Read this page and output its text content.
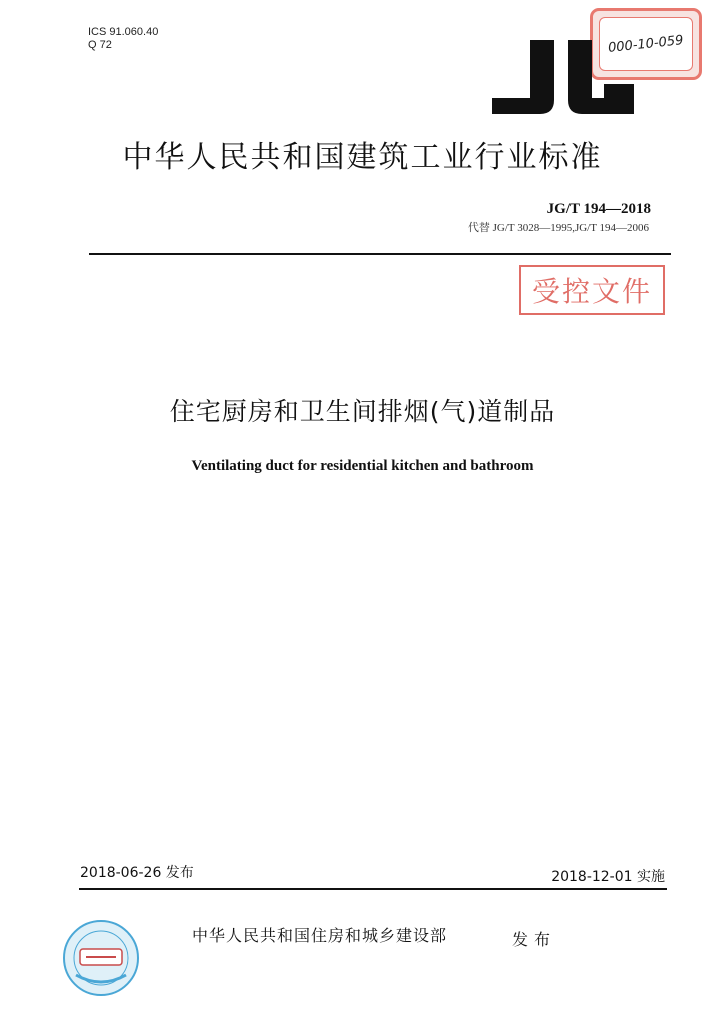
ICS 91.060.40
Q 72	000-10-059
中华人民共和国建筑工业行业标准
JG/T 194—2018
代替 JG/T 3028—1995,JG/T 194—2006
受控文件
住宅厨房和卫生间排烟(气)道制品
Ventilating duct for residential kitchen and bathroom
2018-06-26 发布	2018-12-01 实施
中华人民共和国住房和城乡建设部	发布
